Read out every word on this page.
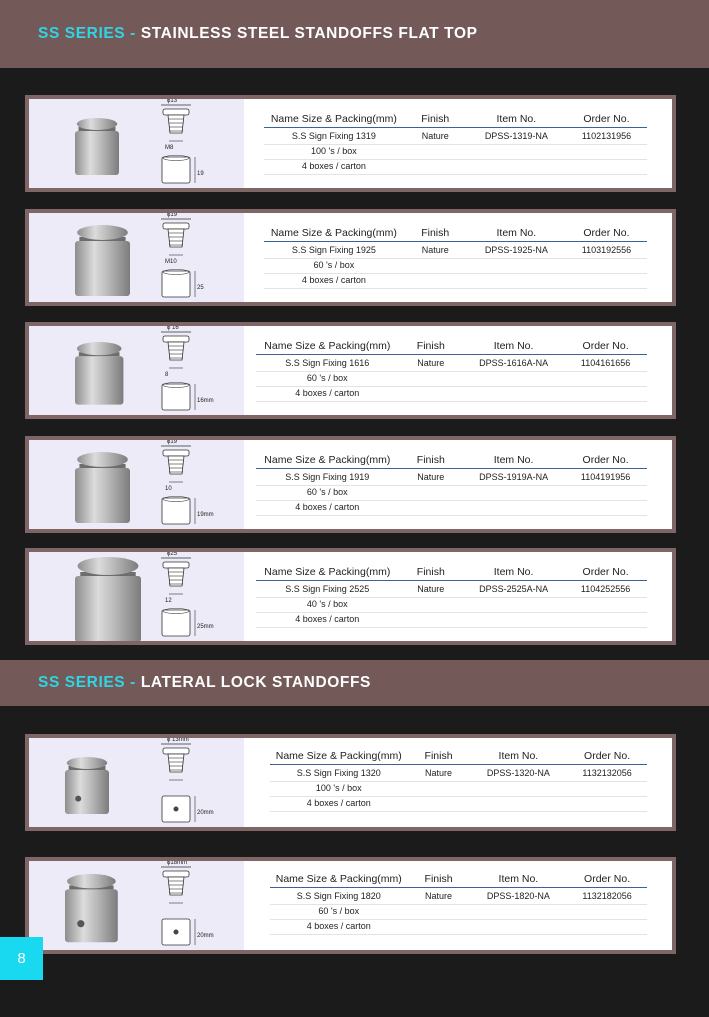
SS SERIES - STAINLESS STEEL STANDOFFS FLAT TOP
SS SERIES - LATERAL LOCK STANDOFFS
ϕ13
M8
19
Name Size & Packing(mm)	Finish	Item No.	Order No.
S.S Sign Fixing 1319	Nature	DPSS-1319-NA	1102131956
100 's / box
4 boxes / carton
ϕ19
M10
25
Name Size & Packing(mm)	Finish	Item No.	Order No.
S.S Sign Fixing 1925	Nature	DPSS-1925-NA	1103192556
60 's / box
4 boxes / carton
ϕ 16
8
16mm
Name Size & Packing(mm)	Finish	Item No.	Order No.
S.S Sign Fixing 1616	Nature	DPSS-1616A-NA	1104161656
60 's / box
4 boxes / carton
ϕ19
10
19mm
Name Size & Packing(mm)	Finish	Item No.	Order No.
S.S Sign Fixing 1919	Nature	DPSS-1919A-NA	1104191956
60 's / box
4 boxes / carton
ϕ25
12
25mm
Name Size & Packing(mm)	Finish	Item No.	Order No.
S.S Sign Fixing 2525	Nature	DPSS-2525A-NA	1104252556
40 's / box
4 boxes / carton
ϕ 13mm
20mm
Name Size & Packing(mm)	Finish	Item No.	Order No.
S.S Sign Fixing 1320	Nature	DPSS-1320-NA	1132132056
100 's / box
4 boxes / carton
ϕ18mm
20mm
Name Size & Packing(mm)	Finish	Item No.	Order No.
S.S Sign Fixing 1820	Nature	DPSS-1820-NA	1132182056
60 's / box
4 boxes / carton
8
